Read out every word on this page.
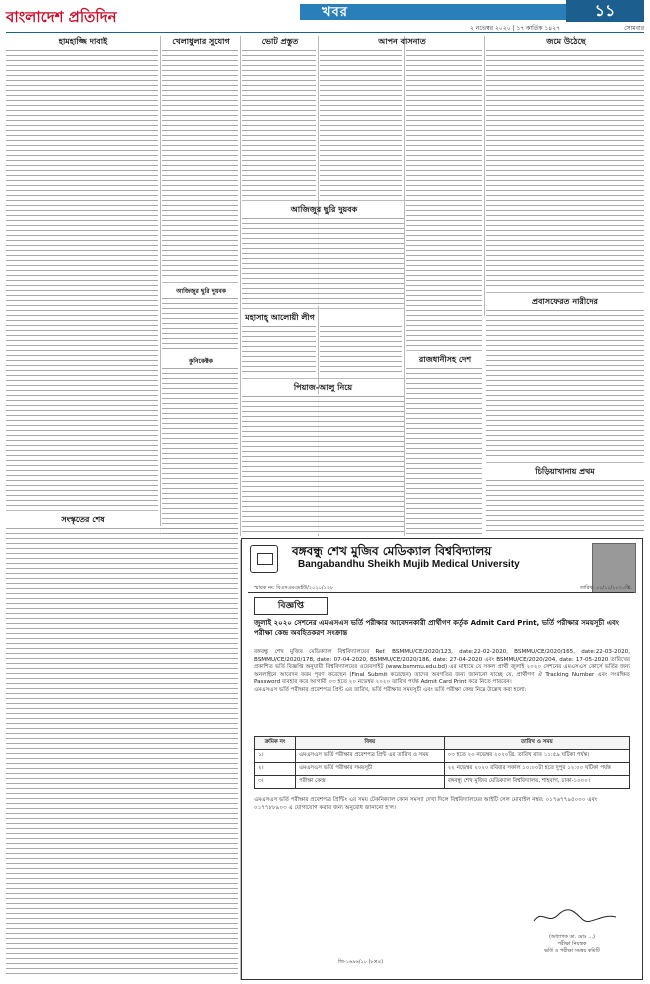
বাংলাদেশ প্রতিদিন	খবর	১১
২ নভেম্বর ২০২০ | ১৭ কার্তিক ১৪২৭	সোমবার
হামহাজ্জি দাবাই	খেলাধুলার সুযোগ	ভোট প্রস্তুত	আপন বাসনাত	জমে উঠেছে
সংস্কৃতের শেষ
আজিজুর ছুরি দুয়বক
কুনিকেক্টক
আজিজুর ছুরি দুয়বক
মহাসাহ্‌ আলোয়ী লীগ
পিয়াজ-আলু নিয়ে
রাজধানীসহ দেশ
প্রবাসফেরত নারীদের
চিড়িয়াখানায় প্রথম
বঙ্গবন্ধু শেখ মুজিব মেডিক্যাল বিশ্ববিদ্যালয়
Bangabandhu Sheikh Mujib Medical University
স্মারক নং: বিএসএমএমইউ/২০২০/১২৮	তারিখ: ০১/১১/২০২০খ্রি.
বিজ্ঞপ্তি
জুলাই ২০২০ সেশনের এমএসএস ভর্তি পরীক্ষার আবেদনকারী প্রার্থীগণ কর্তৃক Admit Card Print, ভর্তি পরীক্ষার সময়সূচী এবং পরীক্ষা কেন্দ্র অবহিতকরণ সংক্রান্ত
বঙ্গবন্ধু শেখ মুজিব মেডিক্যাল বিশ্ববিদ্যালয়ের Ref. BSMMU/CE/2020/123, date:22-02-2020, BSMMU/CE/2020/165, date:22-03-2020, BSMMU/CE/2020/178, date: 07-04-2020, BSMMU/CE/2020/186, date: 27-04-2020 এবং BSMMU/CE/2020/204, date: 17-05-2020 তারিখের প্রকাশিত ভর্তি বিজ্ঞপ্তি অনুযায়ী বিশ্ববিদ্যালয়ের ওয়েবসাইট (www.bsmmu.edu.bd) এর মাধ্যমে যে সকল প্রার্থী জুলাই ২০২০ সেশনের এমএসএস কোর্সে ভর্তির জন্য অনলাইনে আবেদন ফরম পূরণ করেছেন (Final Submit করেছেন) তাদের অবগতির জন্য জানানো যাচ্ছে যে, প্রার্থীগণ ঐ Tracking Number এবং সংরক্ষিত Password ব্যবহার করে আগামী ০৩ হতে ২০ নভেম্বর ২০২০ তারিখ পর্যন্ত Admit Card Print করে নিতে পারবেন।
এমএসএস ভর্তি পরীক্ষার প্রবেশপত্র প্রিন্ট এর তারিখ, ভর্তি পরীক্ষার সময়সূচী এবং ভর্তি পরীক্ষা কেন্দ্র নিম্নে উল্লেখ করা হলো:
ক্রমিক নং	বিষয়	তারিখ ও সময়
১।	এমএসএস ভর্তি পরীক্ষার প্রবেশপত্র প্রিন্ট এর তারিখ ও সময়	০৩ হতে ২০ নভেম্বর ২০২০খ্রি. তারিখ রাত ১১:৫৯ ঘটিকা পর্যন্ত।
২।	এমএসএস ভর্তি পরীক্ষার সময়সূচী	২২ নভেম্বর ২০২০ রবিবার সকাল ১০:০০টা হতে দুপুর ১২:০০ ঘটিকা পর্যন্ত
৩।	পরীক্ষা কেন্দ্র	বঙ্গবন্ধু শেখ মুজিব মেডিক্যাল বিশ্ববিদ্যালয়, শাহবাগ, ঢাকা-১০০০।
এমএসএস ভর্তি পরীক্ষার প্রবেশপত্র প্রিন্টিং এর সময় টেকনিক্যাল কোন সমস্যা দেখা দিলে বিশ্ববিদ্যালয়ের আইটি সেল মোবাইল নম্বর: ০১৭৬৭৭৯৫০০০ এবং ০১৭৭৮৮৯০৩ এ যোগাযোগ করার জন্য অনুরোধ জানানো হ'ল।
(অধ্যাপক ডা. মোঃ ...)
পরীক্ষা নিয়ন্ত্রক
ভর্তি ও পরীক্ষা সমন্বয় কমিটি
জি-১৬৯৬/১০ (৮×৪)
